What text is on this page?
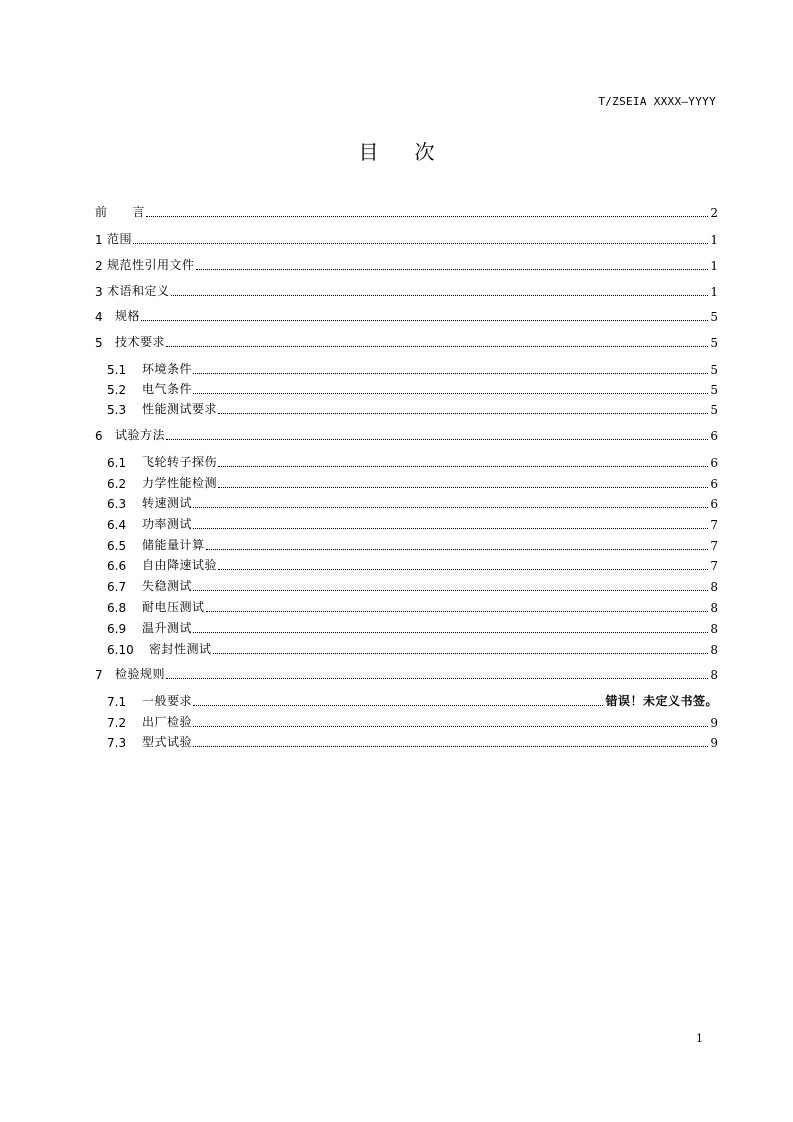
T/ZSEIA XXXX—YYYY
目次
前　　言	2
1 范围	1
2 规范性引用文件	1
3 术语和定义	1
4	规格	5
5	技术要求	5
5.1	环境条件	5
5.2	电气条件	5
5.3	性能测试要求	5
6	试验方法	6
6.1	飞轮转子探伤	6
6.2	力学性能检测	6
6.3	转速测试	6
6.4	功率测试	7
6.5	储能量计算	7
6.6	自由降速试验	7
6.7	失稳测试	8
6.8	耐电压测试	8
6.9	温升测试	8
6.10	密封性测试	8
7	检验规则	8
7.1	一般要求	错误！未定义书签。
7.2	出厂检验	9
7.3	型式试验	9
1
